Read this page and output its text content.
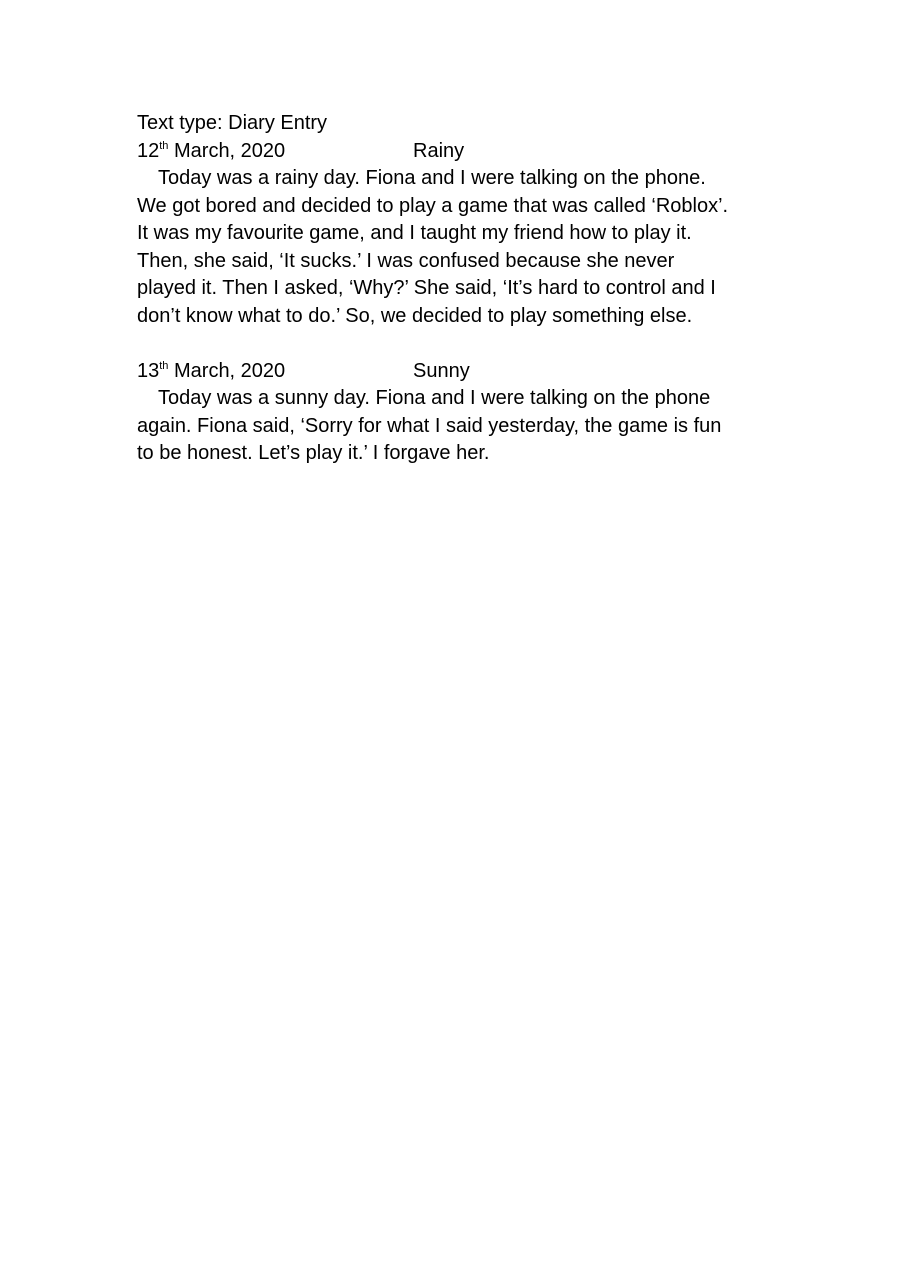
Text type: Diary Entry
12th March, 2020	Rainy
Today was a rainy day. Fiona and I were talking on the phone.
We got bored and decided to play a game that was called ‘Roblox’.
It was my favourite game, and I taught my friend how to play it.
Then, she said, ‘It sucks.’ I was confused because she never
played it. Then I asked, ‘Why?’ She said, ‘It’s hard to control and I
don’t know what to do.’ So, we decided to play something else.
13th March, 2020	Sunny
Today was a sunny day. Fiona and I were talking on the phone
again. Fiona said, ‘Sorry for what I said yesterday, the game is fun
to be honest. Let’s play it.’ I forgave her.
